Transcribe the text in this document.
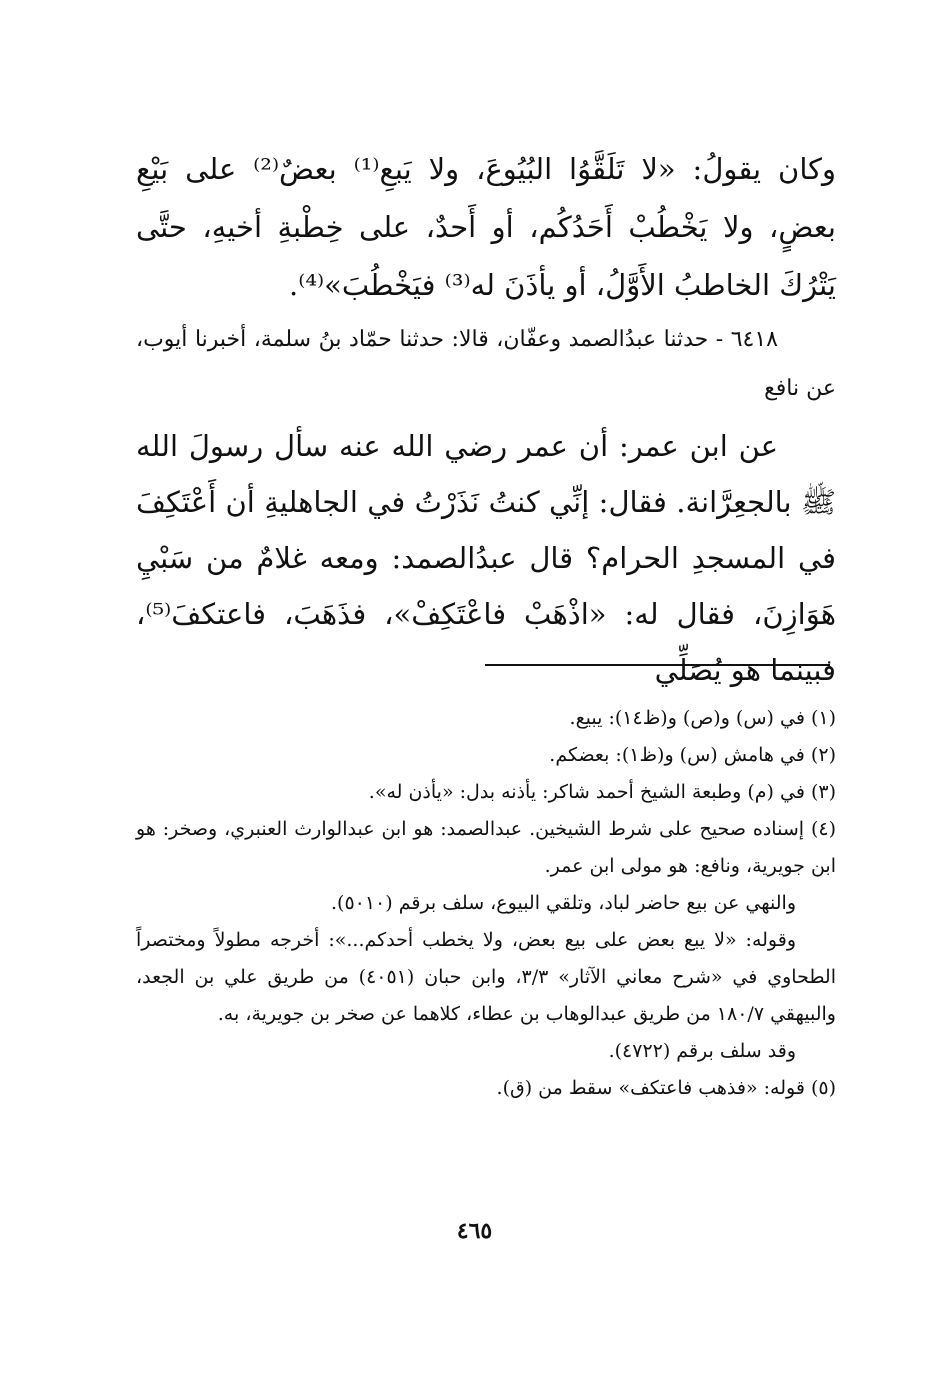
وكان يقولُ: «لا تَلَقَّوُا البُيُوعَ، ولا يَبعِ⁽¹⁾ بعضٌ⁽²⁾ على بَيْعِ بعضٍ، ولا يَخْطُبْ أَحَدُكُم، أو أَحدٌ، على خِطْبةِ أخيهِ، حتَّى يَتْرُكَ الخاطبُ الأَوَّلُ، أو يأذَنَ له⁽³⁾ فيَخْطُبَ»⁽⁴⁾.

٦٤١٨ - حدثنا عبدُالصمد وعفّان، قالا: حدثنا حمّاد بنُ سلمة، أخبرنا أيوب، عن نافع

عن ابن عمر: أن عمر رضي الله عنه سأل رسولَ الله ﷺ بالجعِرَّانة. فقال: إنِّي كنتُ نَذَرْتُ في الجاهليةِ أن أَعْتَكِفَ في المسجدِ الحرام؟ قال عبدُالصمد: ومعه غلامٌ من سَبْيِ هَوَازِنَ، فقال له: «اذْهَبْ فاعْتَكِفْ»، فذَهَبَ، فاعتكفَ⁽⁵⁾، فبينما هو يُصَلِّي

(١) في (س) و(ص) و(ظ١٤): يبيع.

(٢) في هامش (س) و(ظ١): بعضكم.

(٣) في (م) وطبعة الشيخ أحمد شاكر: يأذنه بدل: «يأذن له».

(٤) إسناده صحيح على شرط الشيخين. عبدالصمد: هو ابن عبدالوارث العنبري، وصخر: هو ابن جويرية، ونافع: هو مولى ابن عمر.

والنهي عن بيع حاضر لباد، وتلقي البيوع، سلف برقم (٥٠١٠).

وقوله: «لا يبع بعض على بيع بعض، ولا يخطب أحدكم...»: أخرجه مطولاً ومختصراً الطحاوي في «شرح معاني الآثار» ٣/٣، وابن حبان (٤٠٥١) من طريق علي بن الجعد، والبيهقي ١٨٠/٧ من طريق عبدالوهاب بن عطاء، كلاهما عن صخر بن جويرية، به.

وقد سلف برقم (٤٧٢٢).

(٥) قوله: «فذهب فاعتكف» سقط من (ق).

٤٦٥
